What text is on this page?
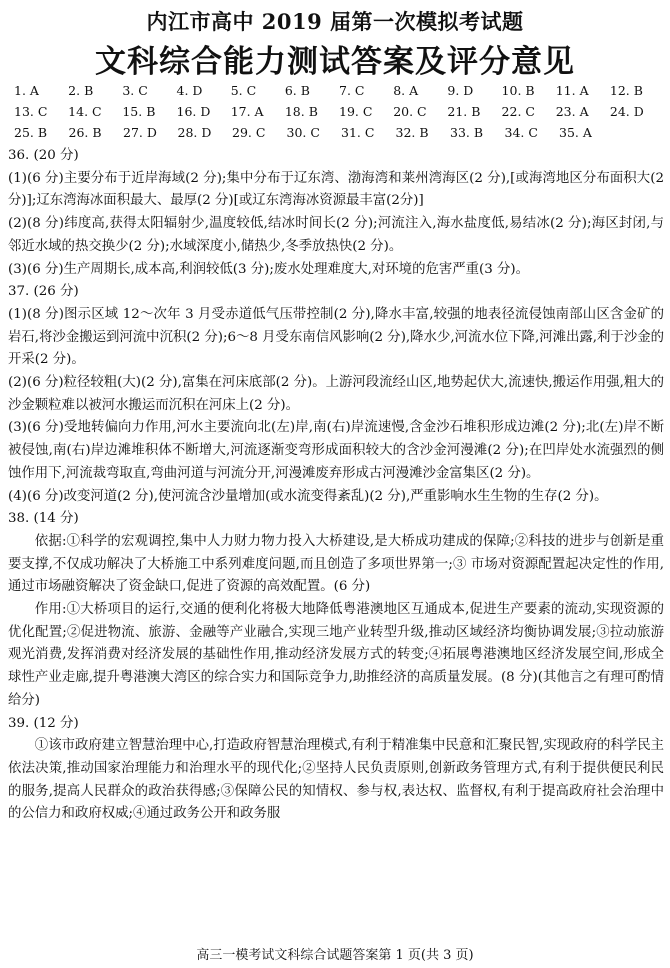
内江市高中 2019 届第一次模拟考试题
文科综合能力测试答案及评分意见
1. A	2. B	3. C	4. D	5. C	6. B	7. C	8. A	9. D	10. B	11. A	12. B
13. C	14. C	15. B	16. D	17. A	18. B	19. C	20. C	21. B	22. C	23. A	24. D
25. B	26. B	27. D	28. D	29. C	30. C	31. C	32. B	33. B	34. C	35. A

36. (20 分)

(1)(6 分)主要分布于近岸海域(2 分);集中分布于辽东湾、渤海湾和莱州湾海区(2 分),[或海湾地区分布面积大(2 分)];辽东湾海冰面积最大、最厚(2 分)[或辽东湾海冰资源最丰富(2分)]

(2)(8 分)纬度高,获得太阳辐射少,温度较低,结冰时间长(2 分);河流注入,海水盐度低,易结冰(2 分);海区封闭,与邻近水域的热交换少(2 分);水域深度小,储热少,冬季放热快(2 分)。

(3)(6 分)生产周期长,成本高,利润较低(3 分);废水处理难度大,对环境的危害严重(3 分)。

37. (26 分)

(1)(8 分)图示区域 12～次年 3 月受赤道低气压带控制(2 分),降水丰富,较强的地表径流侵蚀南部山区含金矿的岩石,将沙金搬运到河流中沉积(2 分);6～8 月受东南信风影响(2 分),降水少,河流水位下降,河滩出露,利于沙金的开采(2 分)。

(2)(6 分)粒径较粗(大)(2 分),富集在河床底部(2 分)。上游河段流经山区,地势起伏大,流速快,搬运作用强,粗大的沙金颗粒难以被河水搬运而沉积在河床上(2 分)。

(3)(6 分)受地转偏向力作用,河水主要流向北(左)岸,南(右)岸流速慢,含金沙石堆积形成边滩(2 分);北(左)岸不断被侵蚀,南(右)岸边滩堆积体不断增大,河流逐渐变弯形成面积较大的含沙金河漫滩(2 分);在凹岸处水流强烈的侧蚀作用下,河流裁弯取直,弯曲河道与河流分开,河漫滩废弃形成古河漫滩沙金富集区(2 分)。

(4)(6 分)改变河道(2 分),使河流含沙量增加(或水流变得紊乱)(2 分),严重影响水生生物的生存(2 分)。

38. (14 分)

依据:①科学的宏观调控,集中人力财力物力投入大桥建设,是大桥成功建成的保障;②科技的进步与创新是重要支撑,不仅成功解决了大桥施工中系列难度问题,而且创造了多项世界第一;③ 市场对资源配置起决定性的作用,通过市场融资解决了资金缺口,促进了资源的高效配置。(6 分)

作用:①大桥项目的运行,交通的便利化将极大地降低粤港澳地区互通成本,促进生产要素的流动,实现资源的优化配置;②促进物流、旅游、金融等产业融合,实现三地产业转型升级,推动区域经济均衡协调发展;③拉动旅游观光消费,发挥消费对经济发展的基础性作用,推动经济发展方式的转变;④拓展粤港澳地区经济发展空间,形成全球性产业走廊,提升粤港澳大湾区的综合实力和国际竞争力,助推经济的高质量发展。(8 分)(其他言之有理可酌情给分)

39. (12 分)

①该市政府建立智慧治理中心,打造政府智慧治理模式,有利于精准集中民意和汇聚民智,实现政府的科学民主依法决策,推动国家治理能力和治理水平的现代化;②坚持人民负责原则,创新政务管理方式,有利于提供便民利民的服务,提高人民群众的政治获得感;③保障公民的知情权、参与权,表达权、监督权,有利于提高政府社会治理中的公信力和政府权威;④通过政务公开和政务服

高三一模考试文科综合试题答案第 1 页(共 3 页)
